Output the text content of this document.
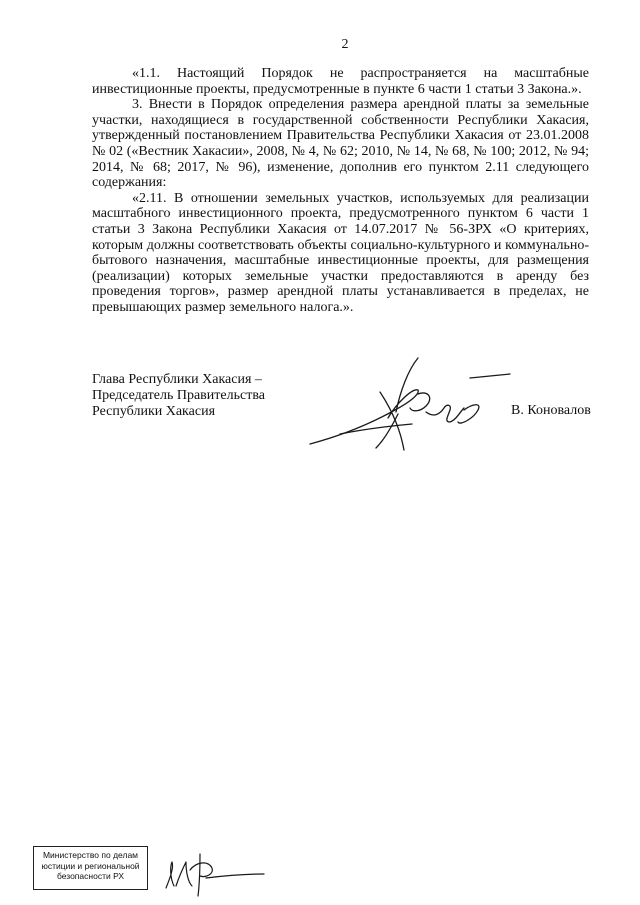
2

«1.1. Настоящий Порядок не распространяется на масштабные инвестиционные проекты, предусмотренные в пункте 6 части 1 статьи 3 Закона.».

3. Внести в Порядок определения размера арендной платы за земельные участки, находящиеся в государственной собственности Республики Хакасия, утвержденный постановлением Правительства Республики Хакасия от 23.01.2008 № 02 («Вестник Хакасии», 2008, № 4, № 62; 2010, № 14, № 68, № 100; 2012, № 94; 2014, № 68; 2017, № 96), изменение, дополнив его пунктом 2.11 следующего содержания:

«2.11. В отношении земельных участков, используемых для реализации масштабного инвестиционного проекта, предусмотренного пунктом 6 части 1 статьи 3 Закона Республики Хакасия от 14.07.2017 № 56-ЗРХ «О критериях, которым должны соответствовать объекты социально-культурного и коммунально-бытового назначения, масштабные инвестиционные проекты, для размещения (реализации) которых земельные участки предоставляются в аренду без проведения торгов», размер арендной платы устанавливается в пределах, не превышающих размер земельного налога.».

Глава Республики Хакасия –
Председатель Правительства
Республики Хакасия	В. Коновалов
Министерство по делам
юстиции и региональной
безопасности РХ
